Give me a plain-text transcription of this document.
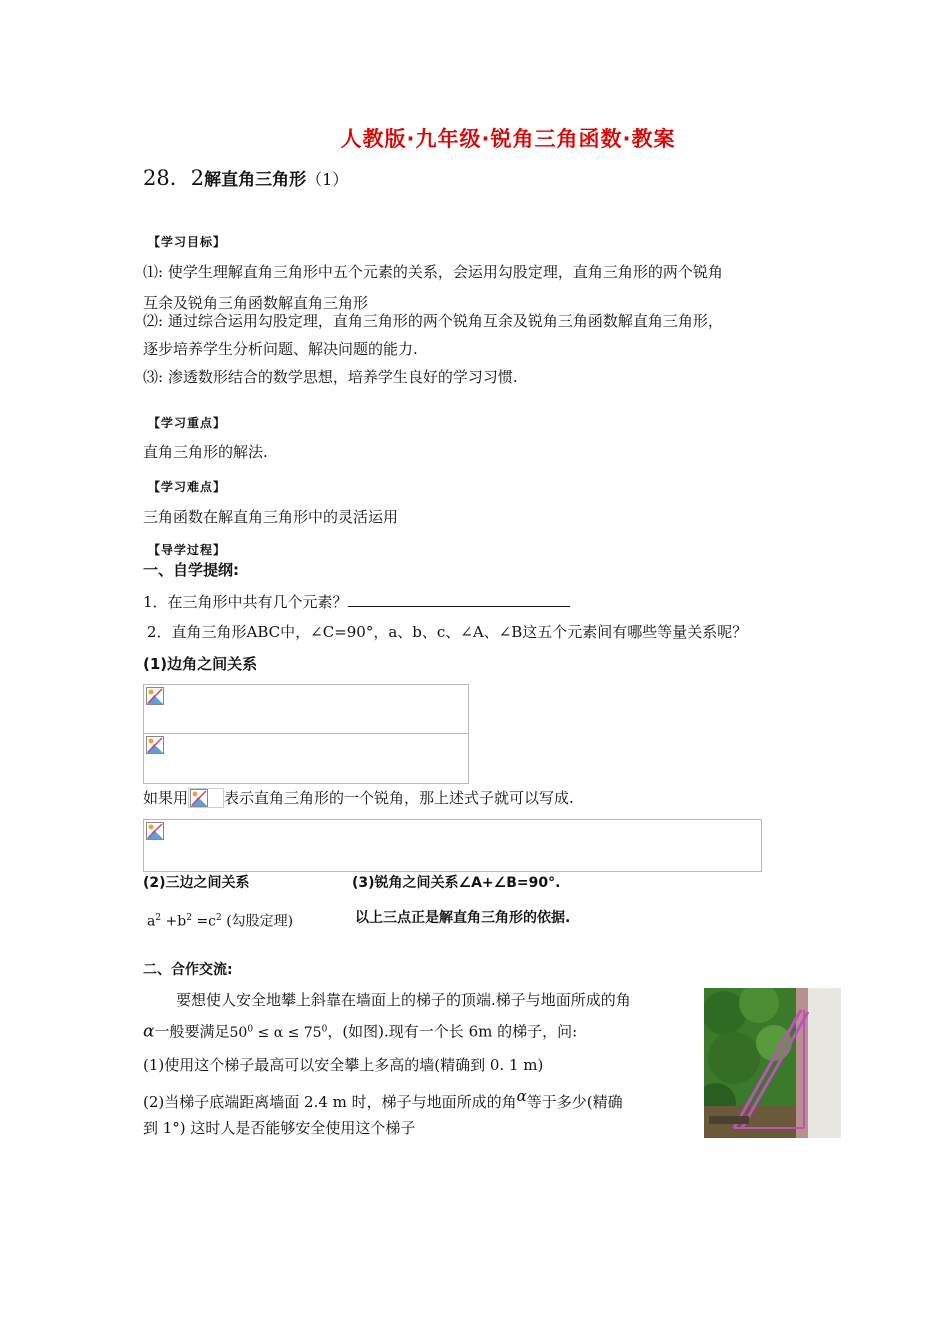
人教版·九年级·锐角三角函数·教案
28．2解直角三角形（1）
【学习目标】
⑴: 使学生理解直角三角形中五个元素的关系，会运用勾股定理，直角三角形的两个锐角
互余及锐角三角函数解直角三角形
⑵: 通过综合运用勾股定理，直角三角形的两个锐角互余及锐角三角函数解直角三角形，
逐步培养学生分析问题、解决问题的能力.
⑶: 渗透数形结合的数学思想，培养学生良好的学习习惯.
【学习重点】
直角三角形的解法.
【学习难点】
三角函数在解直角三角形中的灵活运用
【导学过程】
一、自学提纲:
1．在三角形中共有几个元素？
2．直角三角形ABC中，∠C=90°，a、b、c、∠A、∠B这五个元素间有哪些等量关系呢？
(1)边角之间关系
如果用 表示直角三角形的一个锐角，那上述式子就可以写成.
(2)三边之间关系	(3)锐角之间关系∠A+∠B=90°.
$a^2 +b^2 =c^2$ (勾股定理)	以上三点正是解直角三角形的依据.
二、合作交流:
要想使人安全地攀上斜靠在墙面上的梯子的顶端.梯子与地面所成的角
α一般要满足$50^0 \le \alpha \le 75^0$，(如图).现有一个长 6m 的梯子，问:
(1)使用这个梯子最高可以安全攀上多高的墙(精确到 0. 1 m)
(2)当梯子底端距离墙面 2.4 m 时，梯子与地面所成的角α等于多少(精确
到 1°) 这时人是否能够安全使用这个梯子
